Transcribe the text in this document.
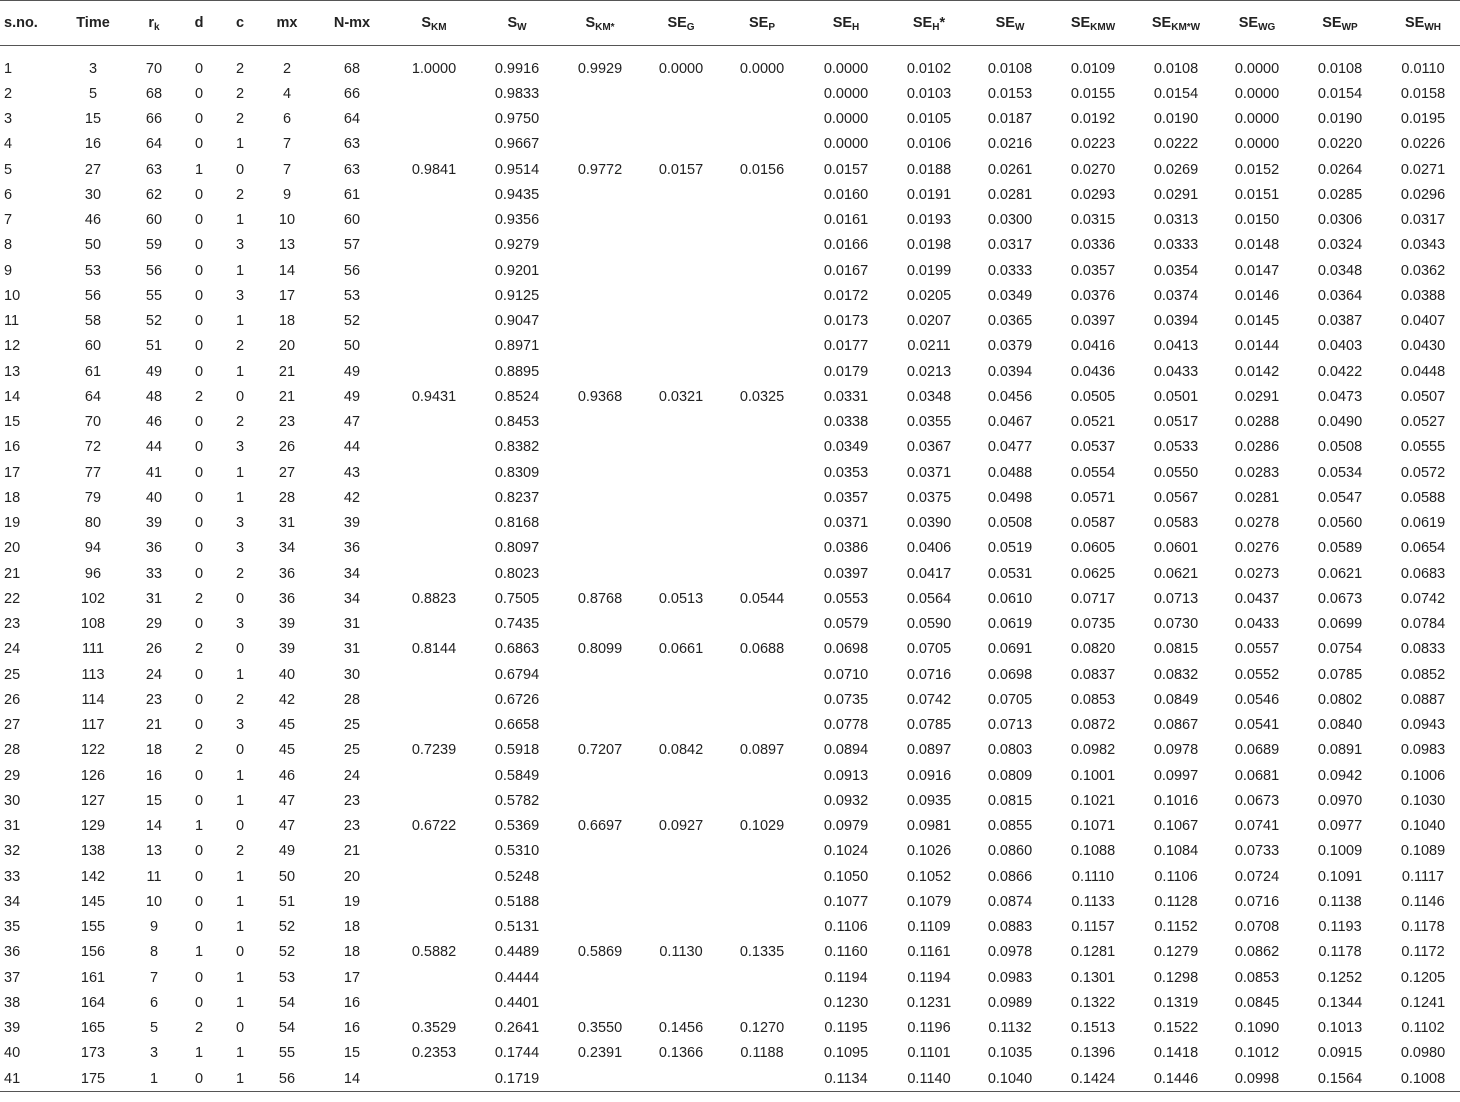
s.no.	Time	$r_k$	d	c	mx	N-mx	$S_{KM}$	$S_W$	$S_{KM*}$	$SE_G$	$SE_P$	$SE_H$	$SE_H*$	$SE_W$	$SE_{KMW}$	$SE_{KM*W}$	$SE_{WG}$	$SE_{WP}$	$SE_{WH}$

1	3	70	0	2	2	68	1.0000	0.9916	0.9929	0.0000	0.0000	0.0000	0.0102	0.0108	0.0109	0.0108	0.0000	0.0108	0.0110
2	5	68	0	2	4	66		0.9833				0.0000	0.0103	0.0153	0.0155	0.0154	0.0000	0.0154	0.0158
3	15	66	0	2	6	64		0.9750				0.0000	0.0105	0.0187	0.0192	0.0190	0.0000	0.0190	0.0195
4	16	64	0	1	7	63		0.9667				0.0000	0.0106	0.0216	0.0223	0.0222	0.0000	0.0220	0.0226
5	27	63	1	0	7	63	0.9841	0.9514	0.9772	0.0157	0.0156	0.0157	0.0188	0.0261	0.0270	0.0269	0.0152	0.0264	0.0271
6	30	62	0	2	9	61		0.9435				0.0160	0.0191	0.0281	0.0293	0.0291	0.0151	0.0285	0.0296
7	46	60	0	1	10	60		0.9356				0.0161	0.0193	0.0300	0.0315	0.0313	0.0150	0.0306	0.0317
8	50	59	0	3	13	57		0.9279				0.0166	0.0198	0.0317	0.0336	0.0333	0.0148	0.0324	0.0343
9	53	56	0	1	14	56		0.9201				0.0167	0.0199	0.0333	0.0357	0.0354	0.0147	0.0348	0.0362
10	56	55	0	3	17	53		0.9125				0.0172	0.0205	0.0349	0.0376	0.0374	0.0146	0.0364	0.0388
11	58	52	0	1	18	52		0.9047				0.0173	0.0207	0.0365	0.0397	0.0394	0.0145	0.0387	0.0407
12	60	51	0	2	20	50		0.8971				0.0177	0.0211	0.0379	0.0416	0.0413	0.0144	0.0403	0.0430
13	61	49	0	1	21	49		0.8895				0.0179	0.0213	0.0394	0.0436	0.0433	0.0142	0.0422	0.0448
14	64	48	2	0	21	49	0.9431	0.8524	0.9368	0.0321	0.0325	0.0331	0.0348	0.0456	0.0505	0.0501	0.0291	0.0473	0.0507
15	70	46	0	2	23	47		0.8453				0.0338	0.0355	0.0467	0.0521	0.0517	0.0288	0.0490	0.0527
16	72	44	0	3	26	44		0.8382				0.0349	0.0367	0.0477	0.0537	0.0533	0.0286	0.0508	0.0555
17	77	41	0	1	27	43		0.8309				0.0353	0.0371	0.0488	0.0554	0.0550	0.0283	0.0534	0.0572
18	79	40	0	1	28	42		0.8237				0.0357	0.0375	0.0498	0.0571	0.0567	0.0281	0.0547	0.0588
19	80	39	0	3	31	39		0.8168				0.0371	0.0390	0.0508	0.0587	0.0583	0.0278	0.0560	0.0619
20	94	36	0	3	34	36		0.8097				0.0386	0.0406	0.0519	0.0605	0.0601	0.0276	0.0589	0.0654
21	96	33	0	2	36	34		0.8023				0.0397	0.0417	0.0531	0.0625	0.0621	0.0273	0.0621	0.0683
22	102	31	2	0	36	34	0.8823	0.7505	0.8768	0.0513	0.0544	0.0553	0.0564	0.0610	0.0717	0.0713	0.0437	0.0673	0.0742
23	108	29	0	3	39	31		0.7435				0.0579	0.0590	0.0619	0.0735	0.0730	0.0433	0.0699	0.0784
24	111	26	2	0	39	31	0.8144	0.6863	0.8099	0.0661	0.0688	0.0698	0.0705	0.0691	0.0820	0.0815	0.0557	0.0754	0.0833
25	113	24	0	1	40	30		0.6794				0.0710	0.0716	0.0698	0.0837	0.0832	0.0552	0.0785	0.0852
26	114	23	0	2	42	28		0.6726				0.0735	0.0742	0.0705	0.0853	0.0849	0.0546	0.0802	0.0887
27	117	21	0	3	45	25		0.6658				0.0778	0.0785	0.0713	0.0872	0.0867	0.0541	0.0840	0.0943
28	122	18	2	0	45	25	0.7239	0.5918	0.7207	0.0842	0.0897	0.0894	0.0897	0.0803	0.0982	0.0978	0.0689	0.0891	0.0983
29	126	16	0	1	46	24		0.5849				0.0913	0.0916	0.0809	0.1001	0.0997	0.0681	0.0942	0.1006
30	127	15	0	1	47	23		0.5782				0.0932	0.0935	0.0815	0.1021	0.1016	0.0673	0.0970	0.1030
31	129	14	1	0	47	23	0.6722	0.5369	0.6697	0.0927	0.1029	0.0979	0.0981	0.0855	0.1071	0.1067	0.0741	0.0977	0.1040
32	138	13	0	2	49	21		0.5310				0.1024	0.1026	0.0860	0.1088	0.1084	0.0733	0.1009	0.1089
33	142	11	0	1	50	20		0.5248				0.1050	0.1052	0.0866	0.1110	0.1106	0.0724	0.1091	0.1117
34	145	10	0	1	51	19		0.5188				0.1077	0.1079	0.0874	0.1133	0.1128	0.0716	0.1138	0.1146
35	155	9	0	1	52	18		0.5131				0.1106	0.1109	0.0883	0.1157	0.1152	0.0708	0.1193	0.1178
36	156	8	1	0	52	18	0.5882	0.4489	0.5869	0.1130	0.1335	0.1160	0.1161	0.0978	0.1281	0.1279	0.0862	0.1178	0.1172
37	161	7	0	1	53	17		0.4444				0.1194	0.1194	0.0983	0.1301	0.1298	0.0853	0.1252	0.1205
38	164	6	0	1	54	16		0.4401				0.1230	0.1231	0.0989	0.1322	0.1319	0.0845	0.1344	0.1241
39	165	5	2	0	54	16	0.3529	0.2641	0.3550	0.1456	0.1270	0.1195	0.1196	0.1132	0.1513	0.1522	0.1090	0.1013	0.1102
40	173	3	1	1	55	15	0.2353	0.1744	0.2391	0.1366	0.1188	0.1095	0.1101	0.1035	0.1396	0.1418	0.1012	0.0915	0.0980
41	175	1	0	1	56	14		0.1719				0.1134	0.1140	0.1040	0.1424	0.1446	0.0998	0.1564	0.1008
